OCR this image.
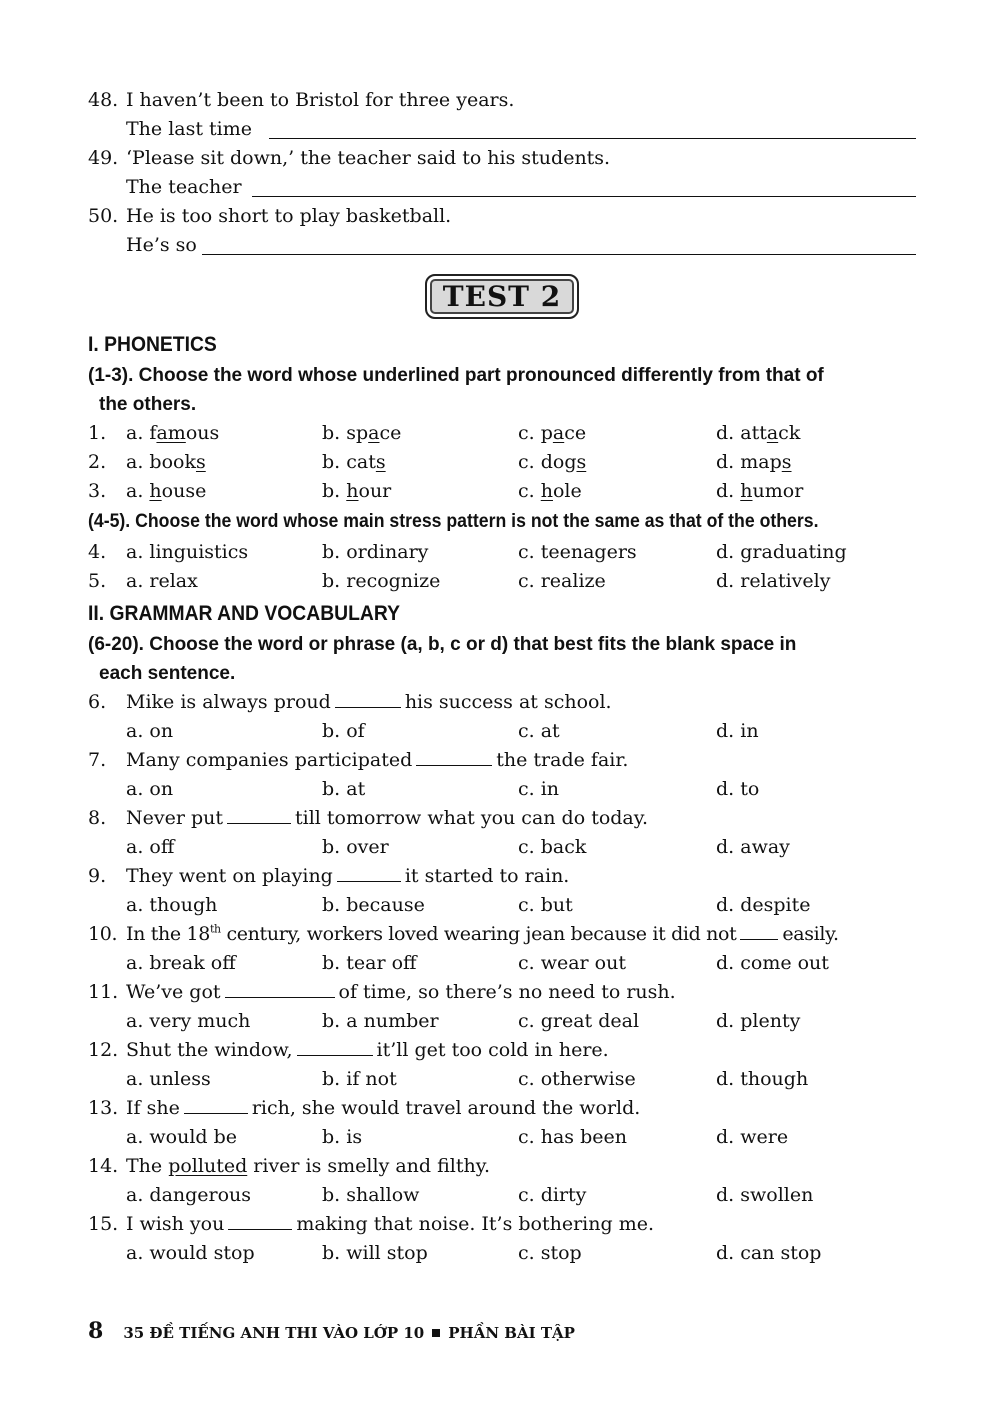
48. I haven’t been to Bristol for three years.
The last time
49. ‘Please sit down,’ the teacher said to his students.
The teacher
50. He is too short to play basketball.
He’s so
TEST 2
I. PHONETICS
(1-3). Choose the word whose underlined part pronounced differently from that of
the others.
1. a. famous	b. space	c. pace	d. attack
2. a. books	b. cats	c. dogs	d. maps
3. a. house	b. hour	c. hole	d. humor
(4-5). Choose the word whose main stress pattern is not the same as that of the others.
4. a. linguistics	b. ordinary	c. teenagers	d. graduating
5. a. relax	b. recognize	c. realize	d. relatively
II. GRAMMAR AND VOCABULARY
(6-20). Choose the word or phrase (a, b, c or d) that best fits the blank space in
each sentence.
6. Mike is always proud	his success at school.
a. on	b. of	c. at	d. in
7. Many companies participated	the trade fair.
a. on	b. at	c. in	d. to
8. Never put	till tomorrow what you can do today.
a. off	b. over	c. back	d. away
9. They went on playing	it started to rain.
a. though	b. because	c. but	d. despite
10. In the 18th century, workers loved wearing jean because it did not easily.
a. break off	b. tear off	c. wear out	d. come out
11. We’ve got	of time, so there’s no need to rush.
a. very much	b. a number	c. great deal	d. plenty
12. Shut the window,	it’ll get too cold in here.
a. unless	b. if not	c. otherwise	d. though
13. If she	rich, she would travel around the world.
a. would be	b. is	c. has been	d. were
14. The polluted river is smelly and filthy.
a. dangerous	b. shallow	c. dirty	d. swollen
15. I wish you	making that noise. It’s bothering me.
a. would stop	b. will stop	c. stop	d. can stop
8 35 ĐỀ TIẾNG ANH THI VÀO LỚP 10 PHẦN BÀI TẬP
